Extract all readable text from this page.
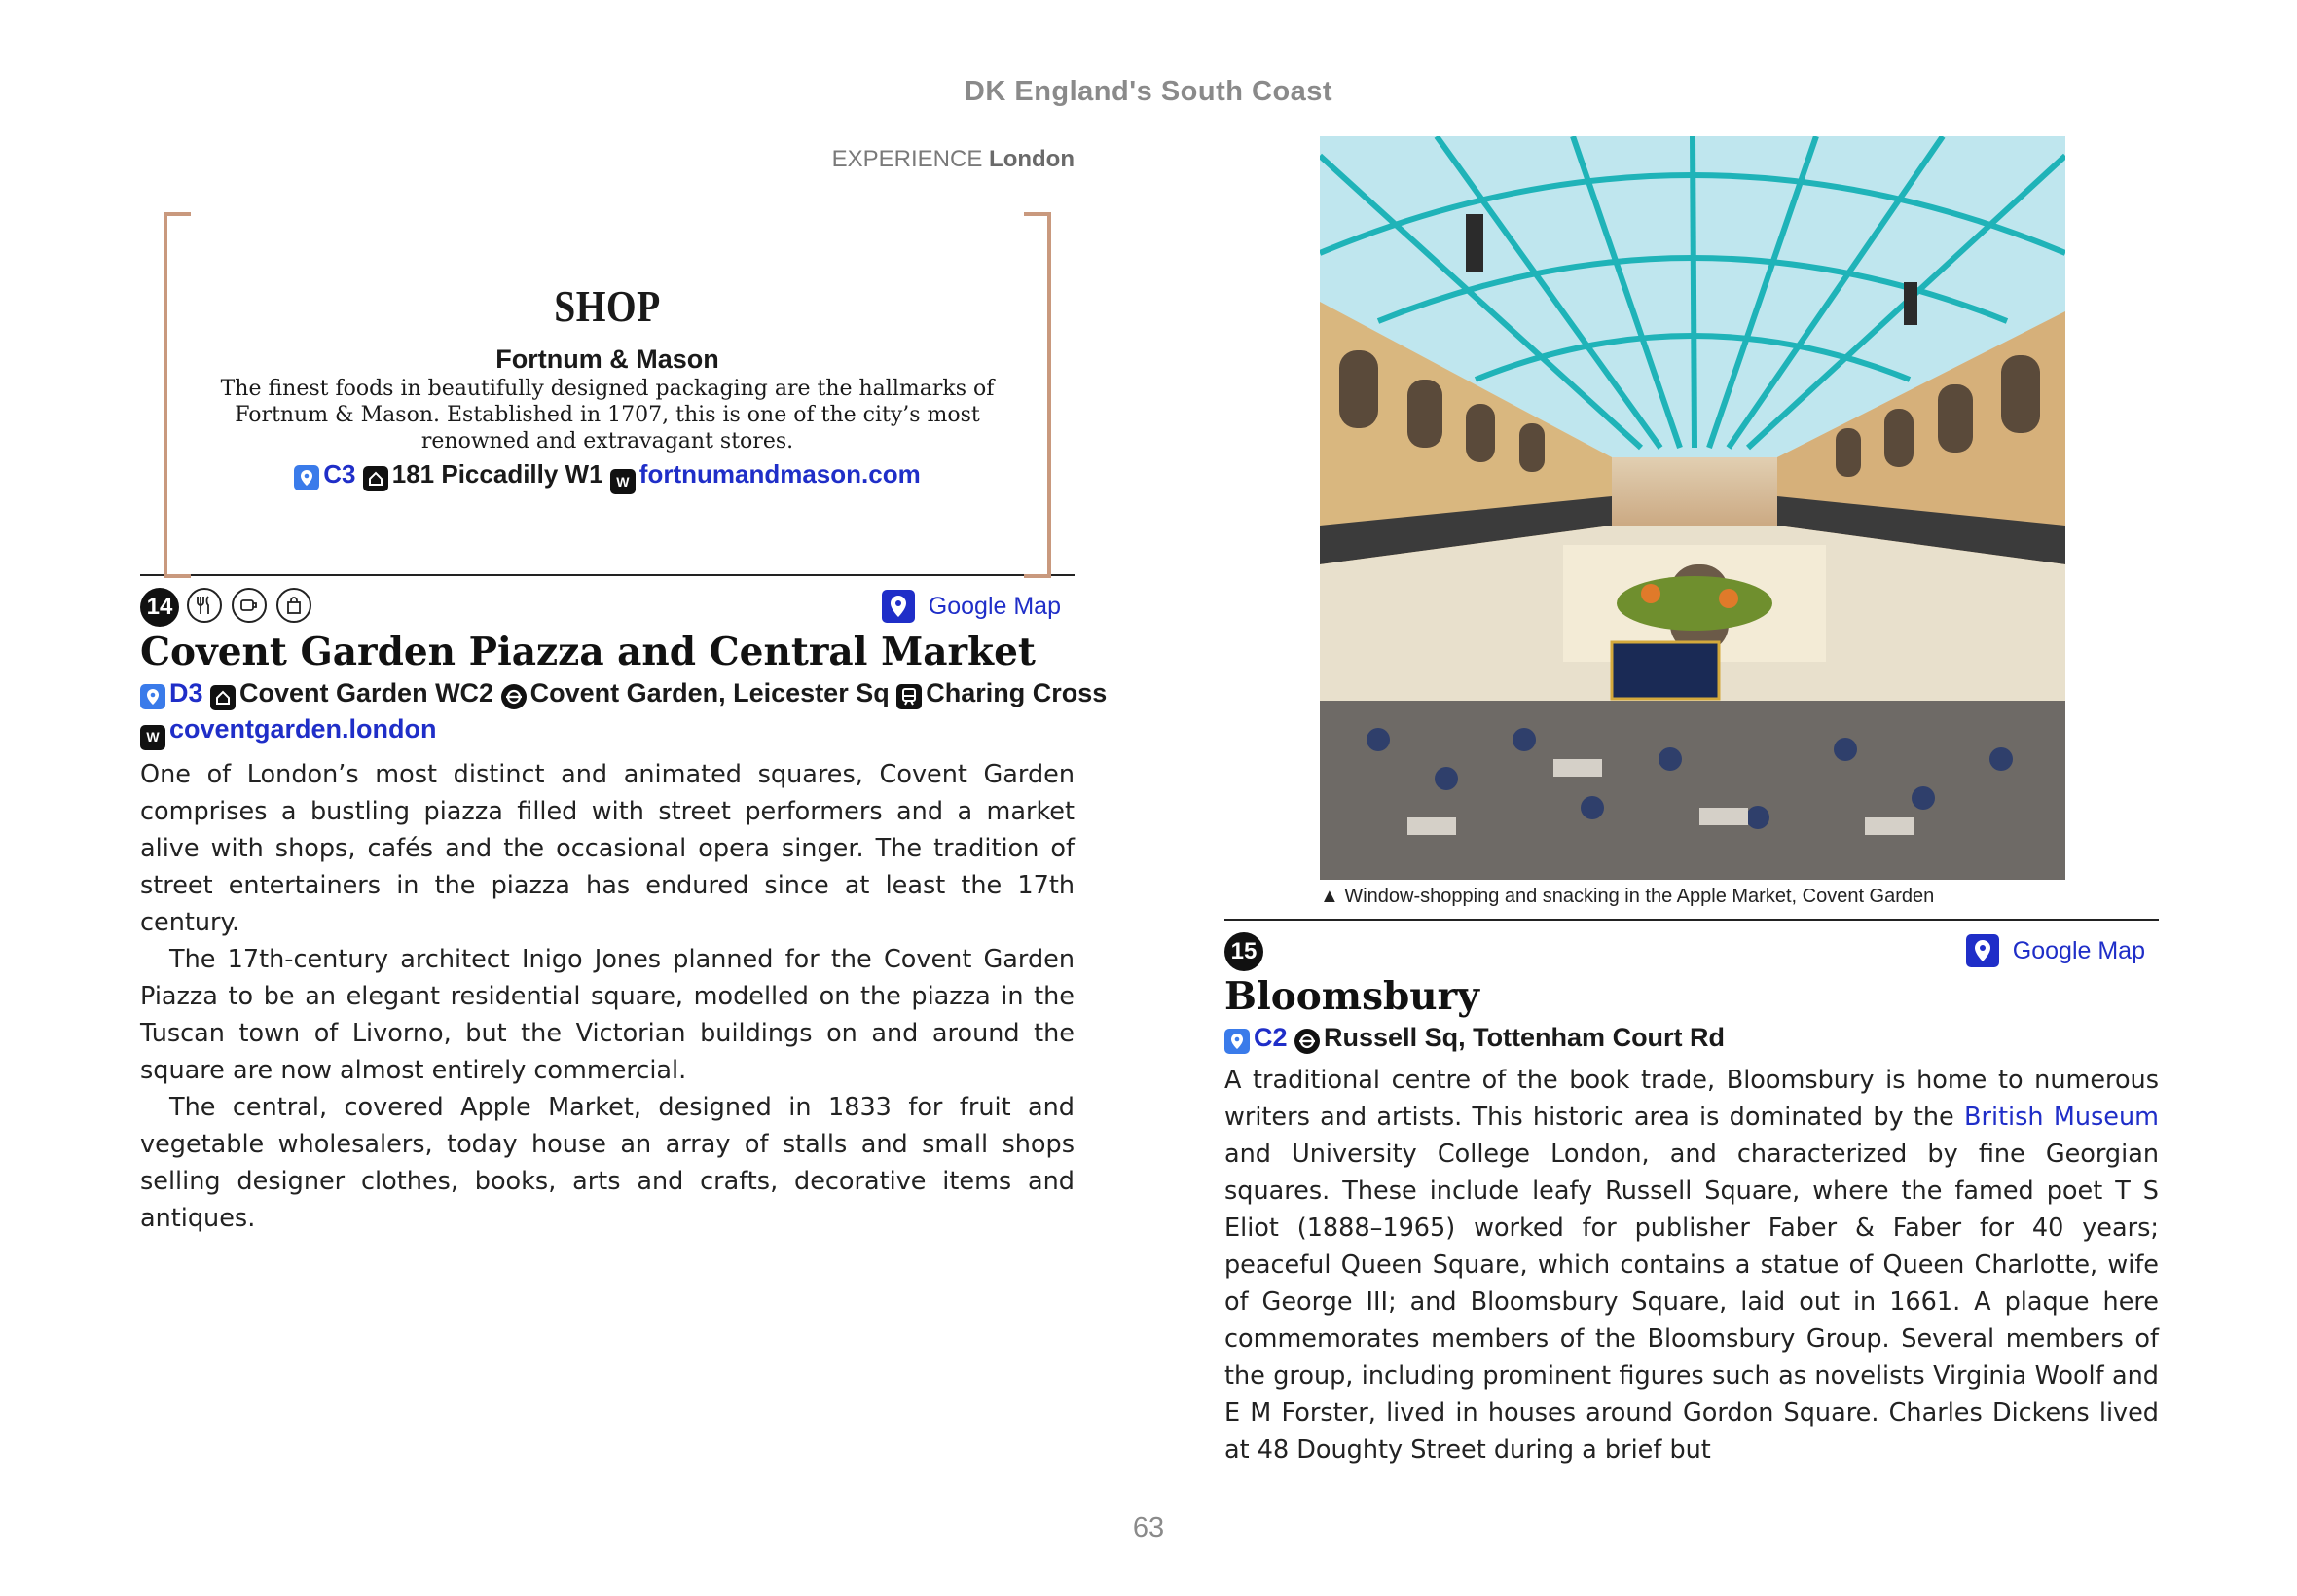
DK England's South Coast
EXPERIENCE London
SHOP
Fortnum & Mason
The finest foods in beautifully designed packaging are the hallmarks of Fortnum & Mason. Established in 1707, this is one of the city’s most renowned and extravagant stores.
C3 181 Piccadilly W1 W fortnumandmason.com
14	Google Map
Covent Garden Piazza and Central Market
D3 Covent Garden WC2 Covent Garden, Leicester Sq Charing Cross
W coventgarden.london

One of London’s most distinct and animated squares, Covent Garden comprises a bustling piazza filled with street performers and a market alive with shops, cafés and the occasional opera singer. The tradition of street entertainers in the piazza has endured since at least the 17th century.

The 17th-century architect Inigo Jones planned for the Covent Garden Piazza to be an elegant residential square, modelled on the piazza in the Tuscan town of Livorno, but the Victorian buildings on and around the square are now almost entirely commercial.

The central, covered Apple Market, designed in 1833 for fruit and vegetable wholesalers, today house an array of stalls and small shops selling designer clothes, books, arts and crafts, decorative items and antiques.

▲ Window-shopping and snacking in the Apple Market, Covent Garden
15	Google Map
Bloomsbury
C2 Russell Sq, Tottenham Court Rd

A traditional centre of the book trade, Bloomsbury is home to numerous writers and artists. This historic area is dominated by the British Museum and University College London, and characterized by fine Georgian squares. These include leafy Russell Square, where the famed poet T S Eliot (1888–1965) worked for publisher Faber & Faber for 40 years; peaceful Queen Square, which contains a statue of Queen Charlotte, wife of George III; and Bloomsbury Square, laid out in 1661. A plaque here commemorates members of the Bloomsbury Group. Several members of the group, including prominent figures such as novelists Virginia Woolf and E M Forster, lived in houses around Gordon Square. Charles Dickens lived at 48 Doughty Street during a brief but

63
